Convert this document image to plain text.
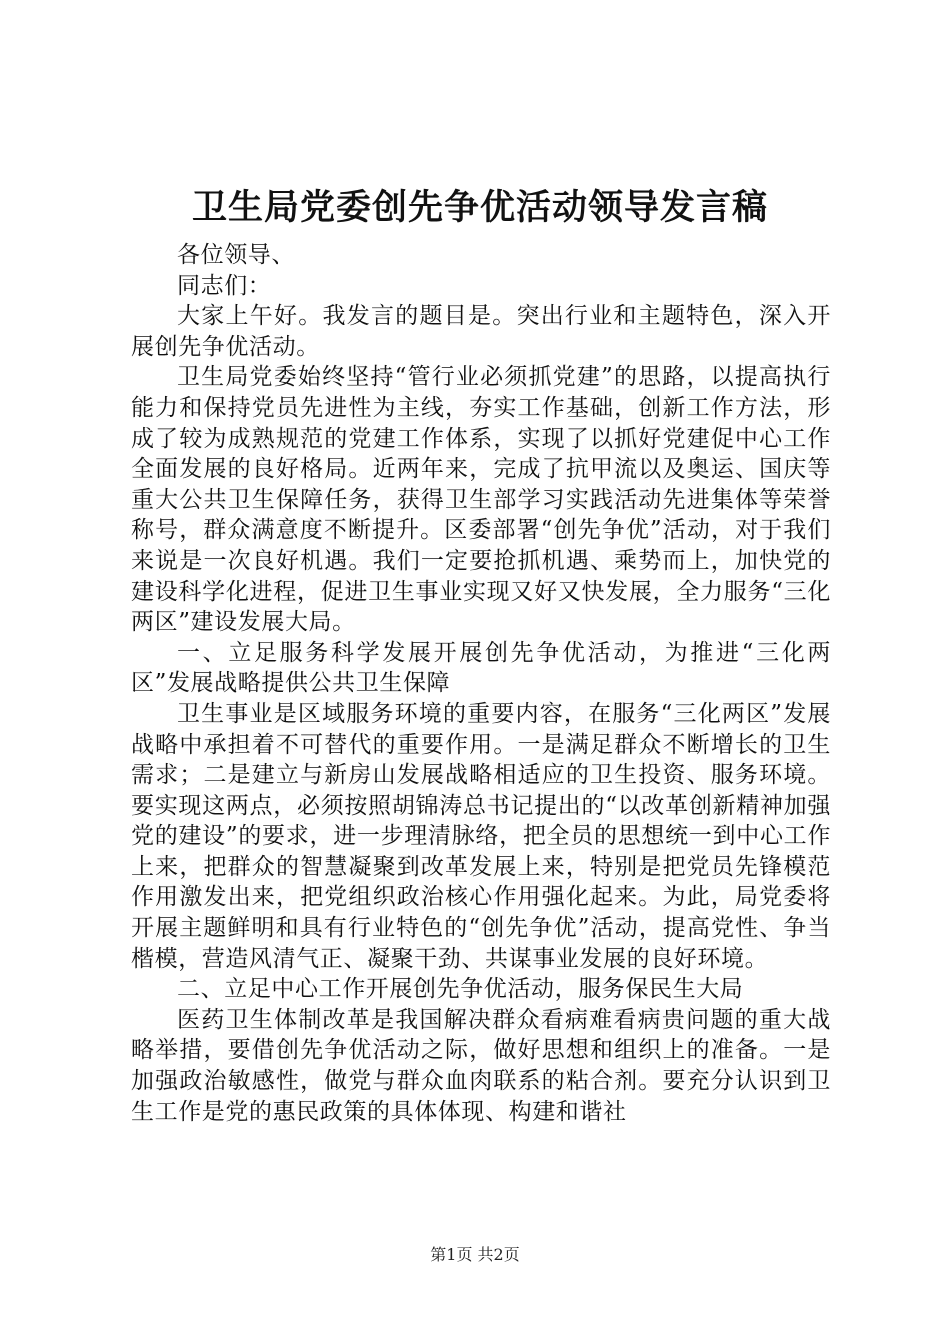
卫生局党委创先争优活动领导发言稿

各位领导、

同志们：

大家上午好。我发言的题目是。突出行业和主题特色，深入开展创先争优活动。

卫生局党委始终坚持“管行业必须抓党建”的思路，以提高执行能力和保持党员先进性为主线，夯实工作基础，创新工作方法，形成了较为成熟规范的党建工作体系，实现了以抓好党建促中心工作全面发展的良好格局。近两年来，完成了抗甲流以及奥运、国庆等重大公共卫生保障任务，获得卫生部学习实践活动先进集体等荣誉称号，群众满意度不断提升。区委部署“创先争优”活动，对于我们来说是一次良好机遇。我们一定要抢抓机遇、乘势而上，加快党的建设科学化进程，促进卫生事业实现又好又快发展，全力服务“三化两区”建设发展大局。

一、立足服务科学发展开展创先争优活动，为推进“三化两区”发展战略提供公共卫生保障

卫生事业是区域服务环境的重要内容，在服务“三化两区”发展战略中承担着不可替代的重要作用。一是满足群众不断增长的卫生需求；二是建立与新房山发展战略相适应的卫生投资、服务环境。要实现这两点，必须按照胡锦涛总书记提出的“以改革创新精神加强党的建设”的要求，进一步理清脉络，把全员的思想统一到中心工作上来，把群众的智慧凝聚到改革发展上来，特别是把党员先锋模范作用激发出来，把党组织政治核心作用强化起来。为此，局党委将开展主题鲜明和具有行业特色的“创先争优”活动，提高党性、争当楷模，营造风清气正、凝聚干劲、共谋事业发展的良好环境。

二、立足中心工作开展创先争优活动，服务保民生大局

医药卫生体制改革是我国解决群众看病难看病贵问题的重大战略举措，要借创先争优活动之际，做好思想和组织上的准备。一是加强政治敏感性，做党与群众血肉联系的粘合剂。要充分认识到卫生工作是党的惠民政策的具体体现、构建和谐社

第1页 共2页
